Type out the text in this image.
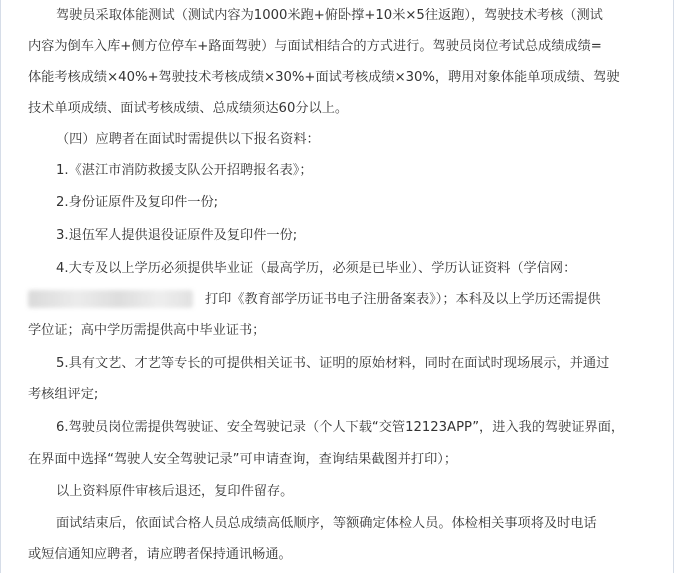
驾驶员采取体能测试（测试内容为1000米跑+俯卧撑+10米×5往返跑），驾驶技术考核（测试
内容为倒车入库+侧方位停车+路面驾驶）与面试相结合的方式进行。驾驶员岗位考试总成绩成绩=
体能考核成绩×40%+驾驶技术考核成绩×30%+面试考核成绩×30%，聘用对象体能单项成绩、驾驶
技术单项成绩、面试考核成绩、总成绩须达60分以上。
（四）应聘者在面试时需提供以下报名资料：
1.《湛江市消防救援支队公开招聘报名表》；
2.身份证原件及复印件一份;
3.退伍军人提供退役证原件及复印件一份;
4.大专及以上学历必须提供毕业证（最高学历，必须是已毕业）、学历认证资料（学信网：
打印《教育部学历证书电子注册备案表》）；本科及以上学历还需提供
学位证；高中学历需提供高中毕业证书；
5.具有文艺、才艺等专长的可提供相关证书、证明的原始材料，同时在面试时现场展示，并通过
考核组评定;
6.驾驶员岗位需提供驾驶证、安全驾驶记录（个人下载“交管12123APP”，进入我的驾驶证界面，
在界面中选择“驾驶人安全驾驶记录”可申请查询，查询结果截图并打印）；
以上资料原件审核后退还，复印件留存。
面试结束后，依面试合格人员总成绩高低顺序，等额确定体检人员。体检相关事项将及时电话
或短信通知应聘者，请应聘者保持通讯畅通。
